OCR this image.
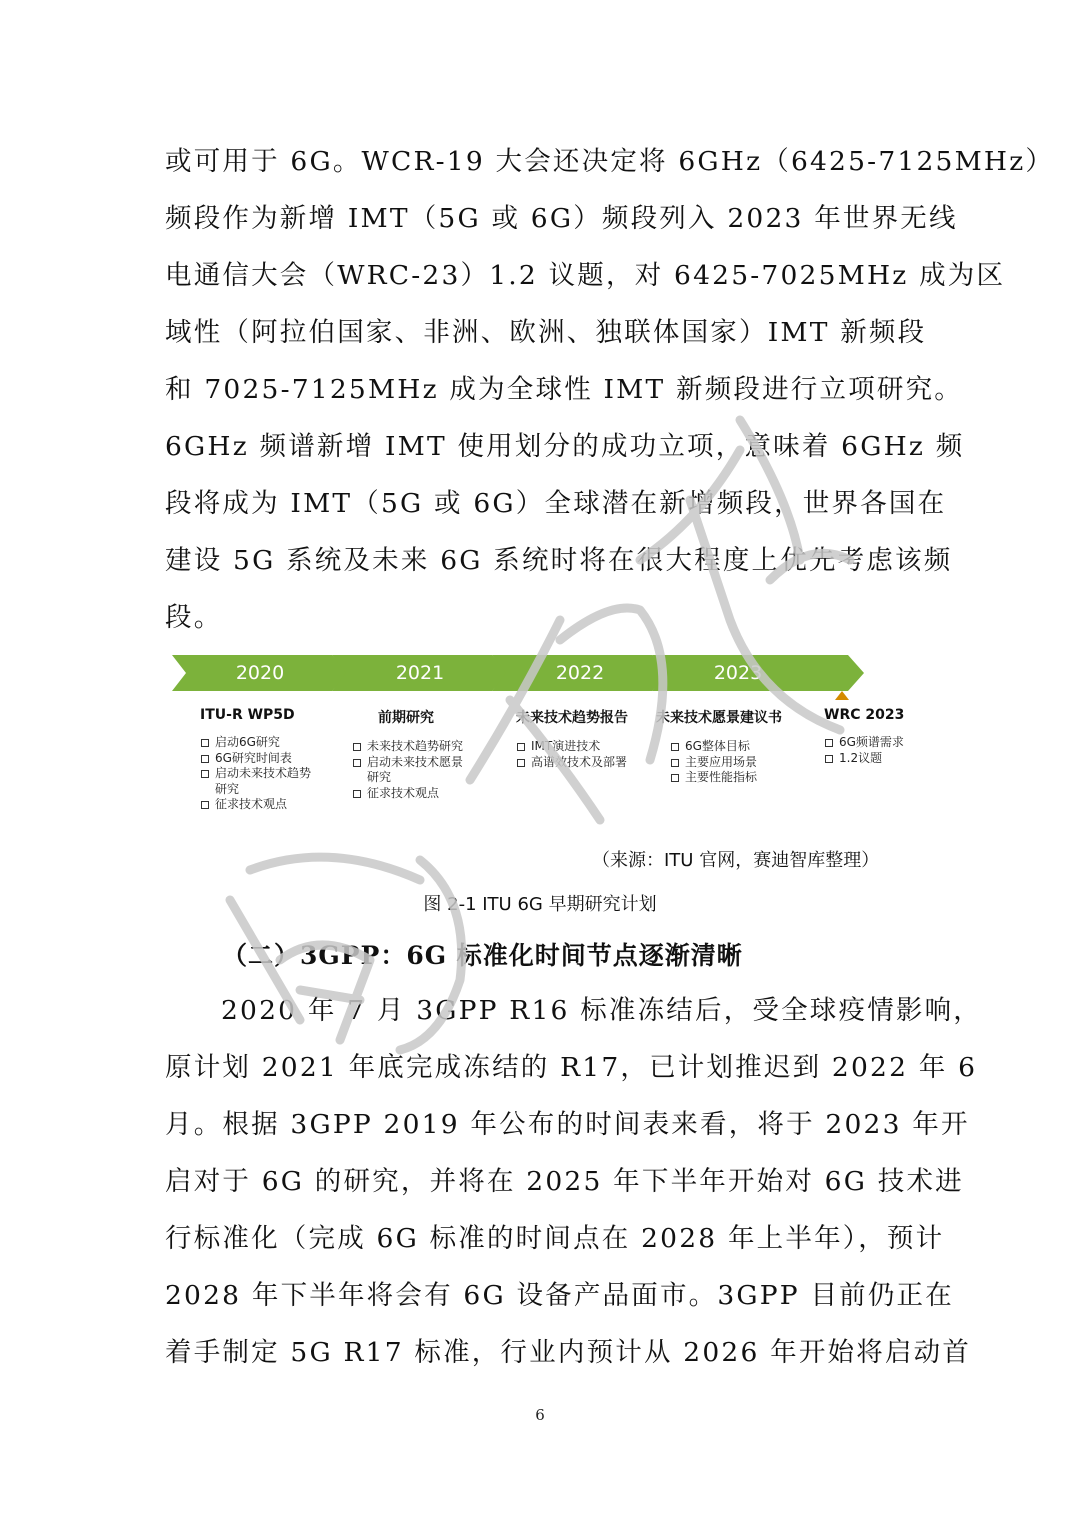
或可用于 6G。WCR-19 大会还决定将 6GHz（6425-7125MHz）
频段作为新增 IMT（5G 或 6G）频段列入 2023 年世界无线
电通信大会（WRC-23）1.2 议题，对 6425-7025MHz 成为区
域性（阿拉伯国家、非洲、欧洲、独联体国家）IMT 新频段
和 7025-7125MHz 成为全球性 IMT 新频段进行立项研究。
6GHz 频谱新增 IMT 使用划分的成功立项，意味着 6GHz 频
段将成为 IMT（5G 或 6G）全球潜在新增频段，世界各国在
建设 5G 系统及未来 6G 系统时将在很大程度上优先考虑该频
段。
2020	2021	2022	2023
ITU-R WP5D
启动6G研究
6G研究时间表
启动未来技术趋势
研究
征求技术观点
前期研究
未来技术趋势研究
启动未来技术愿景
研究
征求技术观点
未来技术趋势报告
IMT演进技术
高谱效技术及部署
未来技术愿景建议书
6G整体目标
主要应用场景
主要性能指标
WRC 2023
6G频谱需求
1.2议题
（来源：ITU 官网，赛迪智库整理）
图 2-1 ITU 6G 早期研究计划
（二）3GPP：6G 标准化时间节点逐渐清晰
2020 年 7 月 3GPP R16 标准冻结后，受全球疫情影响，
原计划 2021 年底完成冻结的 R17，已计划推迟到 2022 年 6
月。根据 3GPP 2019 年公布的时间表来看，将于 2023 年开
启对于 6G 的研究，并将在 2025 年下半年开始对 6G 技术进
行标准化（完成 6G 标准的时间点在 2028 年上半年），预计
2028 年下半年将会有 6G 设备产品面市。3GPP 目前仍正在
着手制定 5G R17 标准，行业内预计从 2026 年开始将启动首
6
